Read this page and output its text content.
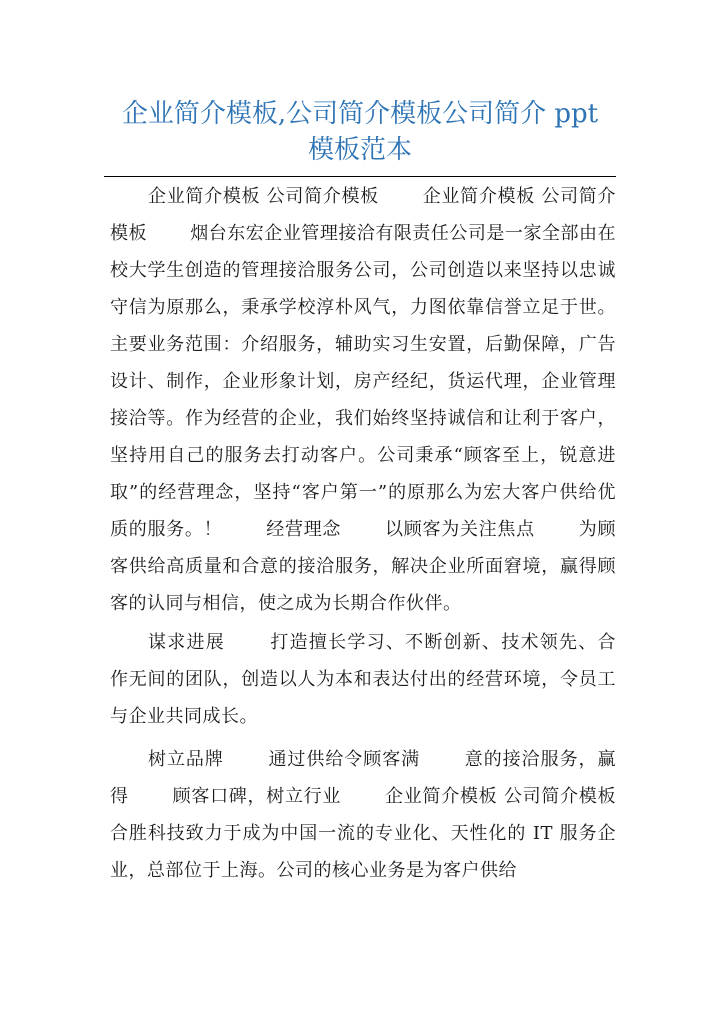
企业简介模板,公司简介模板公司简介 ppt
模板范本

企业简介模板 公司简介模板　　 企业简介模板 公司简介模板　　 烟台东宏企业管理接洽有限责任公司是一家全部由在校大学生创造的管理接洽服务公司，公司创造以来坚持以忠诚守信为原那么，秉承学校淳朴风气，力图依靠信誉立足于世。主要业务范围：介绍服务，辅助实习生安置，后勤保障，广告设计、制作，企业形象计划，房产经纪，货运代理，企业管理接洽等。作为经营的企业，我们始终坚持诚信和让利于客户，坚持用自己的服务去打动客户。公司秉承“顾客至上，锐意进取”的经营理念，坚持“客户第一”的原那么为宏大客户供给优质的服务。！　　 经营理念　　 以顾客为关注焦点　　 为顾客供给高质量和合意的接洽服务，解决企业所面窘境，赢得顾客的认同与相信，使之成为长期合作伙伴。

谋求进展　　 打造擅长学习、不断创新、技术领先、合作无间的团队，创造以人为本和表达付出的经营环境，令员工与企业共同成长。

树立品牌　　 通过供给令顾客满　　 意的接洽服务，赢得　　 顾客口碑，树立行业　　 企业简介模板 公司简介模板　　 合胜科技致力于成为中国一流的专业化、天性化的 IT 服务企业，总部位于上海。公司的核心业务是为客户供给
